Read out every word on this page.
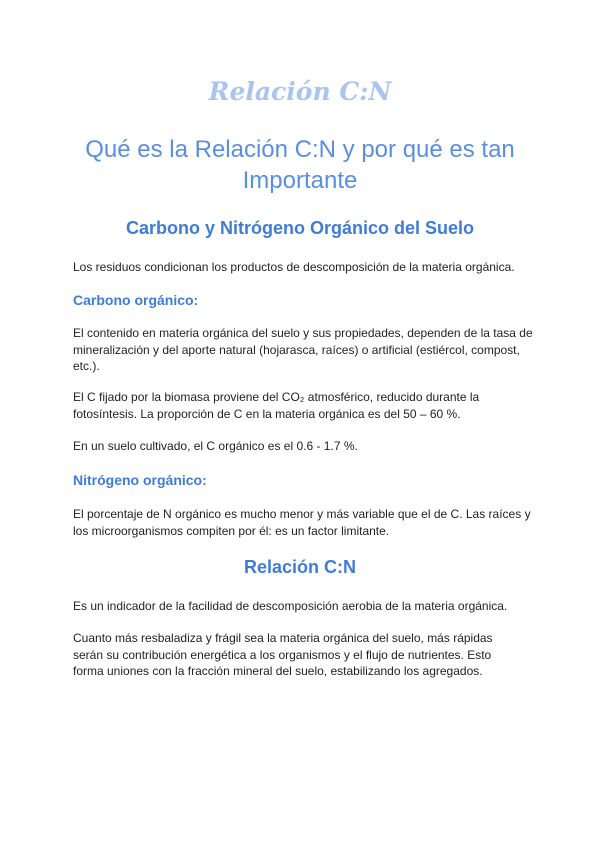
Relación C:N
Qué es la Relación C:N y por qué es tan Importante
Carbono y Nitrógeno Orgánico del Suelo

Los residuos condicionan los productos de descomposición de la materia orgánica.

Carbono orgánico:

El contenido en materia orgánica del suelo y sus propiedades, dependen de la tasa de mineralización y del aporte natural (hojarasca, raíces) o artificial (estiércol, compost, etc.).

El C fijado por la biomasa proviene del CO₂ atmosférico, reducido durante la fotosíntesis. La proporción de C en la materia orgánica es del 50 – 60 %.

En un suelo cultivado, el C orgánico es el 0.6 - 1.7 %.

Nitrógeno orgánico:

El porcentaje de N orgánico es mucho menor y más variable que el de C. Las raíces y los microorganismos compiten por él: es un factor limitante.

Relación C:N

Es un indicador de la facilidad de descomposición aerobia de la materia orgánica.

Cuanto más resbaladiza y frágil sea la materia orgánica del suelo, más rápidas serán su contribución energética a los organismos y el flujo de nutrientes. Esto forma uniones con la fracción mineral del suelo, estabilizando los agregados.
